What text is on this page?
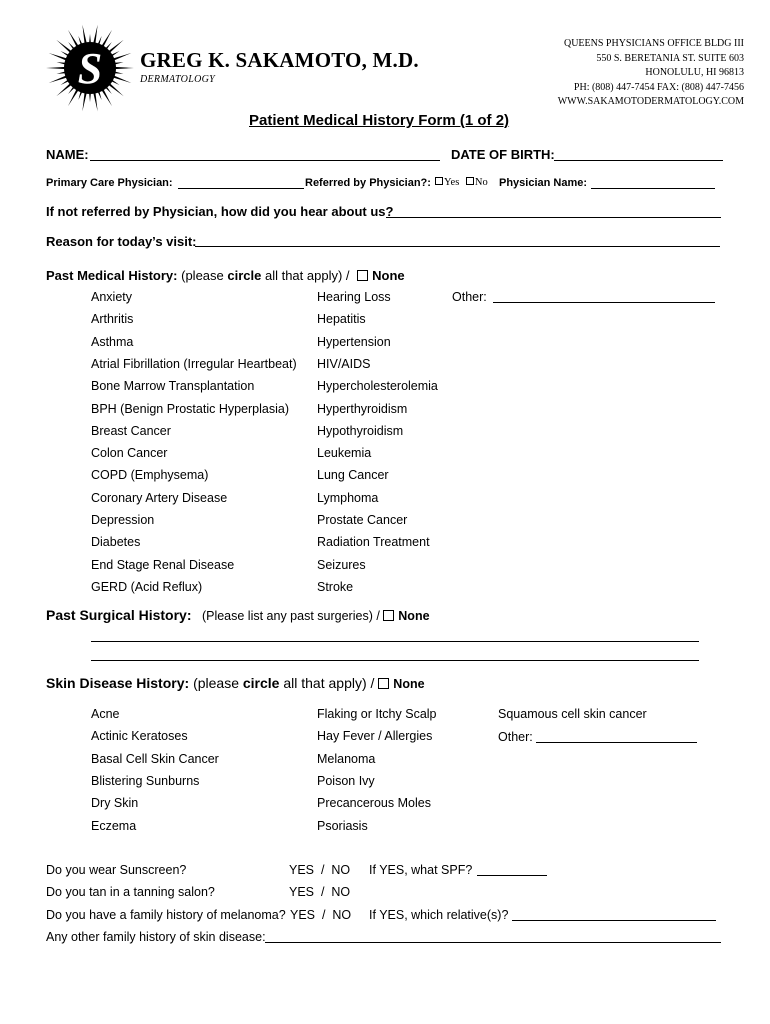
S GREG K. SAKAMOTO, M.D.
DERMATOLOGY
QUEENS PHYSICIANS OFFICE BLDG III
550 S. BERETANIA ST. SUITE 603
HONOLULU, HI 96813
PH: (808) 447-7454 FAX: (808) 447-7456
WWW.SAKAMOTODERMATOLOGY.COM
Patient Medical History Form (1 of 2)
NAME:	DATE OF BIRTH:
Primary Care Physician:	Referred by Physician?:	Yes No Physician Name:
If not referred by Physician, how did you hear about us?
Reason for today’s visit:
Past Medical History: (please circle all that apply) / None
Anxiety
Arthritis
Asthma
Atrial Fibrillation (Irregular Heartbeat)
Bone Marrow Transplantation
BPH (Benign Prostatic Hyperplasia)
Breast Cancer
Colon Cancer
COPD (Emphysema)
Coronary Artery Disease
Depression
Diabetes
End Stage Renal Disease
GERD (Acid Reflux)
Hearing Loss
Hepatitis
Hypertension
HIV/AIDS
Hypercholesterolemia
Hyperthyroidism
Hypothyroidism
Leukemia
Lung Cancer
Lymphoma
Prostate Cancer
Radiation Treatment
Seizures
Stroke
Other:
Past Surgical History: (Please list any past surgeries) / None
Skin Disease History: (please circle all that apply) / None
Acne
Actinic Keratoses
Basal Cell Skin Cancer
Blistering Sunburns
Dry Skin
Eczema
Flaking or Itchy Scalp
Hay Fever / Allergies
Melanoma
Poison Ivy
Precancerous Moles
Psoriasis
Squamous cell skin cancer
Other:
Do you wear Sunscreen?	YES  /  NO If YES, what SPF?
Do you tan in a tanning salon?	YES  /  NO
Do you have a family history of melanoma? YES  /  NO If YES, which relative(s)?
Any other family history of skin disease:
